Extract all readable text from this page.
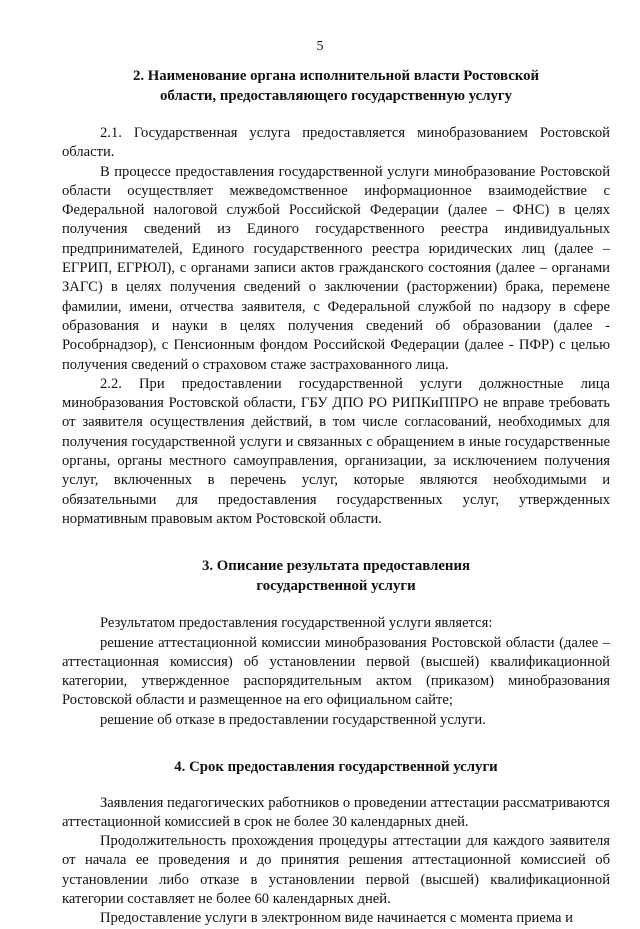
5
2. Наименование органа исполнительной власти Ростовской
области, предоставляющего государственную услугу

2.1. Государственная услуга предоставляется минобразованием Ростовской области.

В процессе предоставления государственной услуги минобразование Ростовской области осуществляет межведомственное информационное взаимодействие с Федеральной налоговой службой Российской Федерации (далее – ФНС) в целях получения сведений из Единого государственного реестра индивидуальных предпринимателей, Единого государственного реестра юридических лиц (далее – ЕГРИП, ЕГРЮЛ), с органами записи актов гражданского состояния (далее – органами ЗАГС) в целях получения сведений о заключении (расторжении) брака, перемене фамилии, имени, отчества заявителя, с Федеральной службой по надзору в сфере образования и науки в целях получения сведений об образовании (далее - Рособрнадзор), с Пенсионным фондом Российской Федерации (далее - ПФР) с целью получения сведений о страховом стаже застрахованного лица.

2.2. При предоставлении государственной услуги должностные лица минобразования Ростовской области, ГБУ ДПО РО РИПКиППРО не вправе требовать от заявителя осуществления действий, в том числе согласований, необходимых для получения государственной услуги и связанных с обращением в иные государственные органы, органы местного самоуправления, организации, за исключением получения услуг, включенных в перечень услуг, которые являются необходимыми и обязательными для предоставления государственных услуг, утвержденных нормативным правовым актом Ростовской области.

3. Описание результата предоставления
государственной услуги

Результатом предоставления государственной услуги является:

решение аттестационной комиссии минобразования Ростовской области (далее – аттестационная комиссия) об установлении первой (высшей) квалификационной категории, утвержденное распорядительным актом (приказом) минобразования Ростовской области и размещенное на его официальном сайте;

решение об отказе в предоставлении государственной услуги.

4. Срок предоставления государственной услуги

Заявления педагогических работников о проведении аттестации рассматриваются аттестационной комиссией в срок не более 30 календарных дней.

Продолжительность прохождения процедуры аттестации для каждого заявителя от начала ее проведения и до принятия решения аттестационной комиссией об установлении либо отказе в установлении первой (высшей) квалификационной категории составляет не более 60 календарных дней.

Предоставление услуги в электронном виде начинается с момента приема и
